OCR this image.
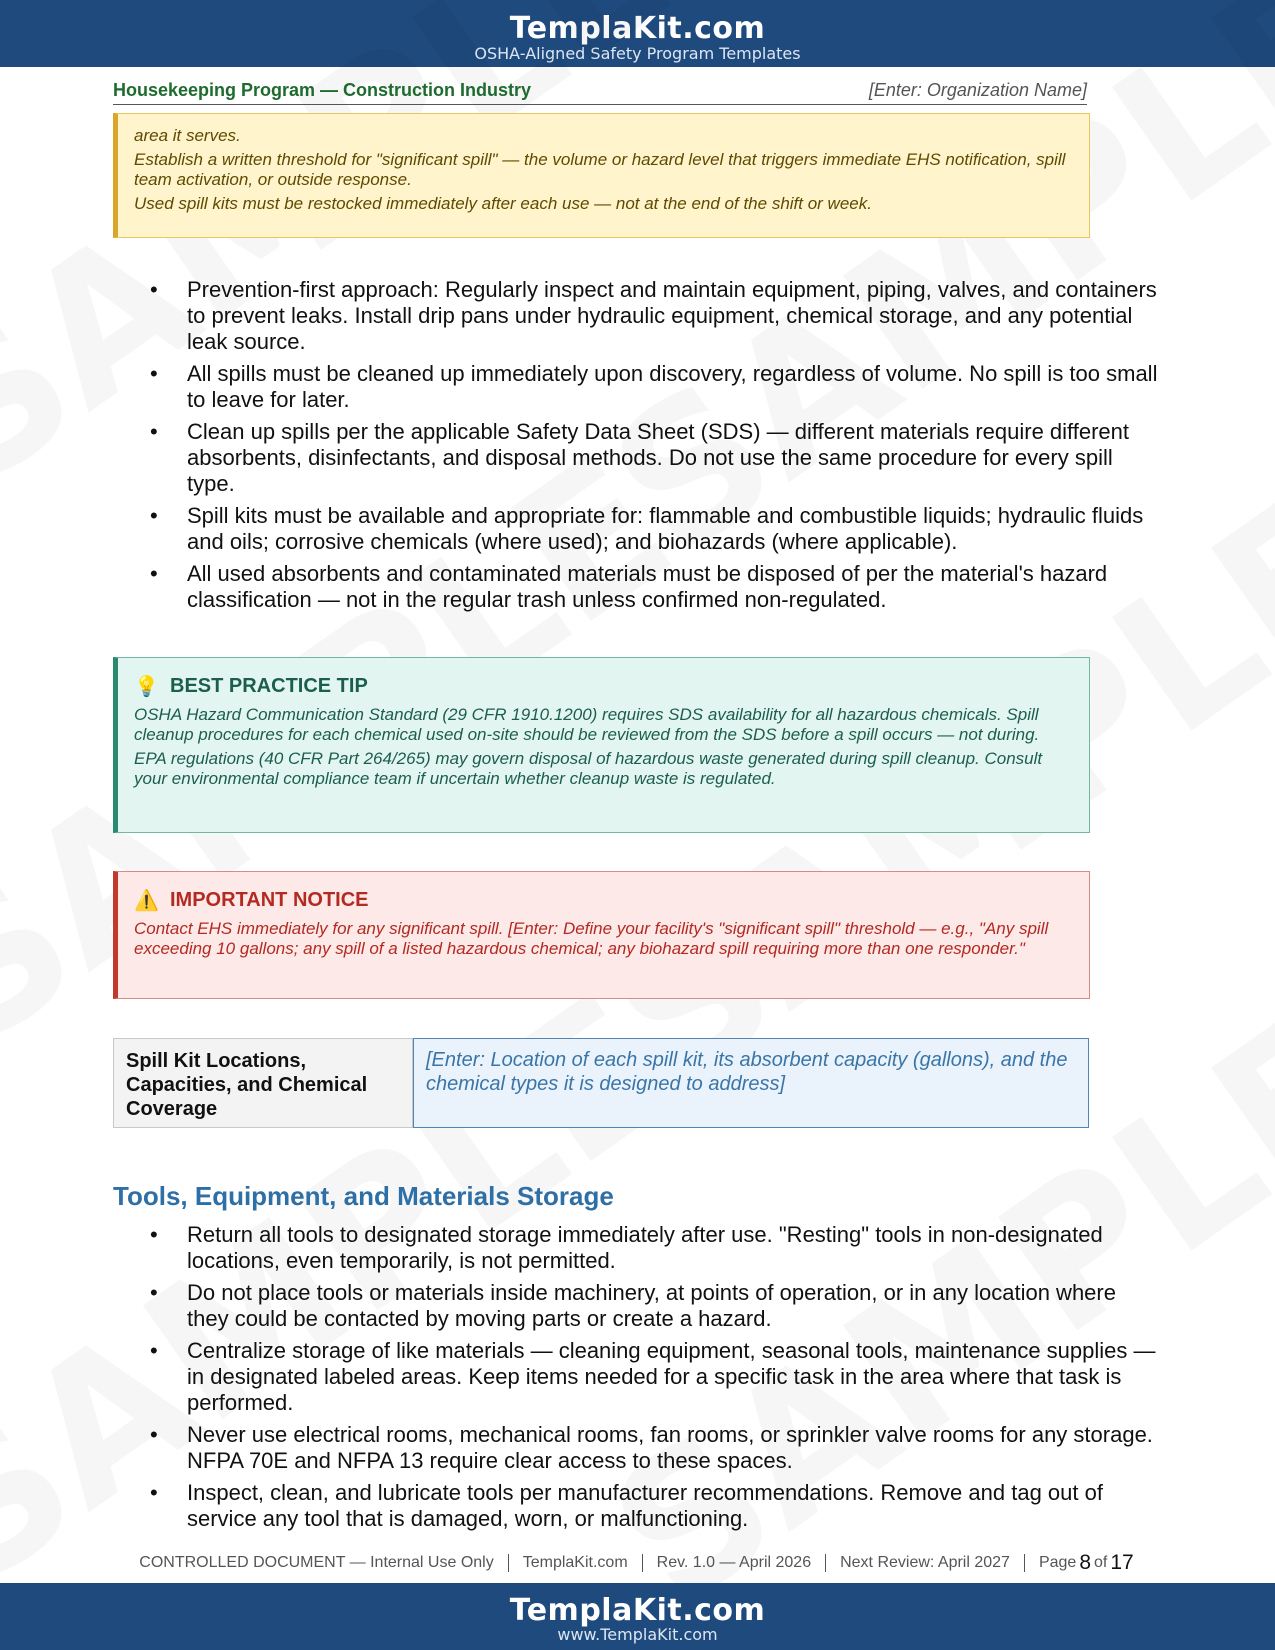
TemplaKit.com
OSHA-Aligned Safety Program Templates
Housekeeping Program — Construction Industry	[Enter: Organization Name]

area it serves.

Establish a written threshold for "significant spill" — the volume or hazard level that triggers immediate EHS notification, spill team activation, or outside response.

Used spill kits must be restocked immediately after each use — not at the end of the shift or week.

• Prevention-first approach: Regularly inspect and maintain equipment, piping, valves, and containers to prevent leaks. Install drip pans under hydraulic equipment, chemical storage, and any potential leak source.
• All spills must be cleaned up immediately upon discovery, regardless of volume. No spill is too small to leave for later.
• Clean up spills per the applicable Safety Data Sheet (SDS) — different materials require different absorbents, disinfectants, and disposal methods. Do not use the same procedure for every spill type.
• Spill kits must be available and appropriate for: flammable and combustible liquids; hydraulic fluids and oils; corrosive chemicals (where used); and biohazards (where applicable).
• All used absorbents and contaminated materials must be disposed of per the material's hazard classification — not in the regular trash unless confirmed non-regulated.
💡 BEST PRACTICE TIP

OSHA Hazard Communication Standard (29 CFR 1910.1200) requires SDS availability for all hazardous chemicals. Spill cleanup procedures for each chemical used on-site should be reviewed from the SDS before a spill occurs — not during.

EPA regulations (40 CFR Part 264/265) may govern disposal of hazardous waste generated during spill cleanup. Consult your environmental compliance team if uncertain whether cleanup waste is regulated.

⚠️ IMPORTANT NOTICE

Contact EHS immediately for any significant spill. [Enter: Define your facility's "significant spill" threshold — e.g., "Any spill exceeding 10 gallons; any spill of a listed hazardous chemical; any biohazard spill requiring more than one responder."

Spill Kit Locations, Capacities, and Chemical Coverage
[Enter: Location of each spill kit, its absorbent capacity (gallons), and the chemical types it is designed to address]
Tools, Equipment, and Materials Storage
• Return all tools to designated storage immediately after use. "Resting" tools in non-designated locations, even temporarily, is not permitted.
• Do not place tools or materials inside machinery, at points of operation, or in any location where they could be contacted by moving parts or create a hazard.
• Centralize storage of like materials — cleaning equipment, seasonal tools, maintenance supplies — in designated labeled areas. Keep items needed for a specific task in the area where that task is performed.
• Never use electrical rooms, mechanical rooms, fan rooms, or sprinkler valve rooms for any storage. NFPA 70E and NFPA 13 require clear access to these spaces.
• Inspect, clean, and lubricate tools per manufacturer recommendations. Remove and tag out of service any tool that is damaged, worn, or malfunctioning.
CONTROLLED DOCUMENT — Internal Use Only TemplaKit.com Rev. 1.0 — April 2026 Next Review: April 2027 Page 8 of 17
TemplaKit.com
www.TemplaKit.com
